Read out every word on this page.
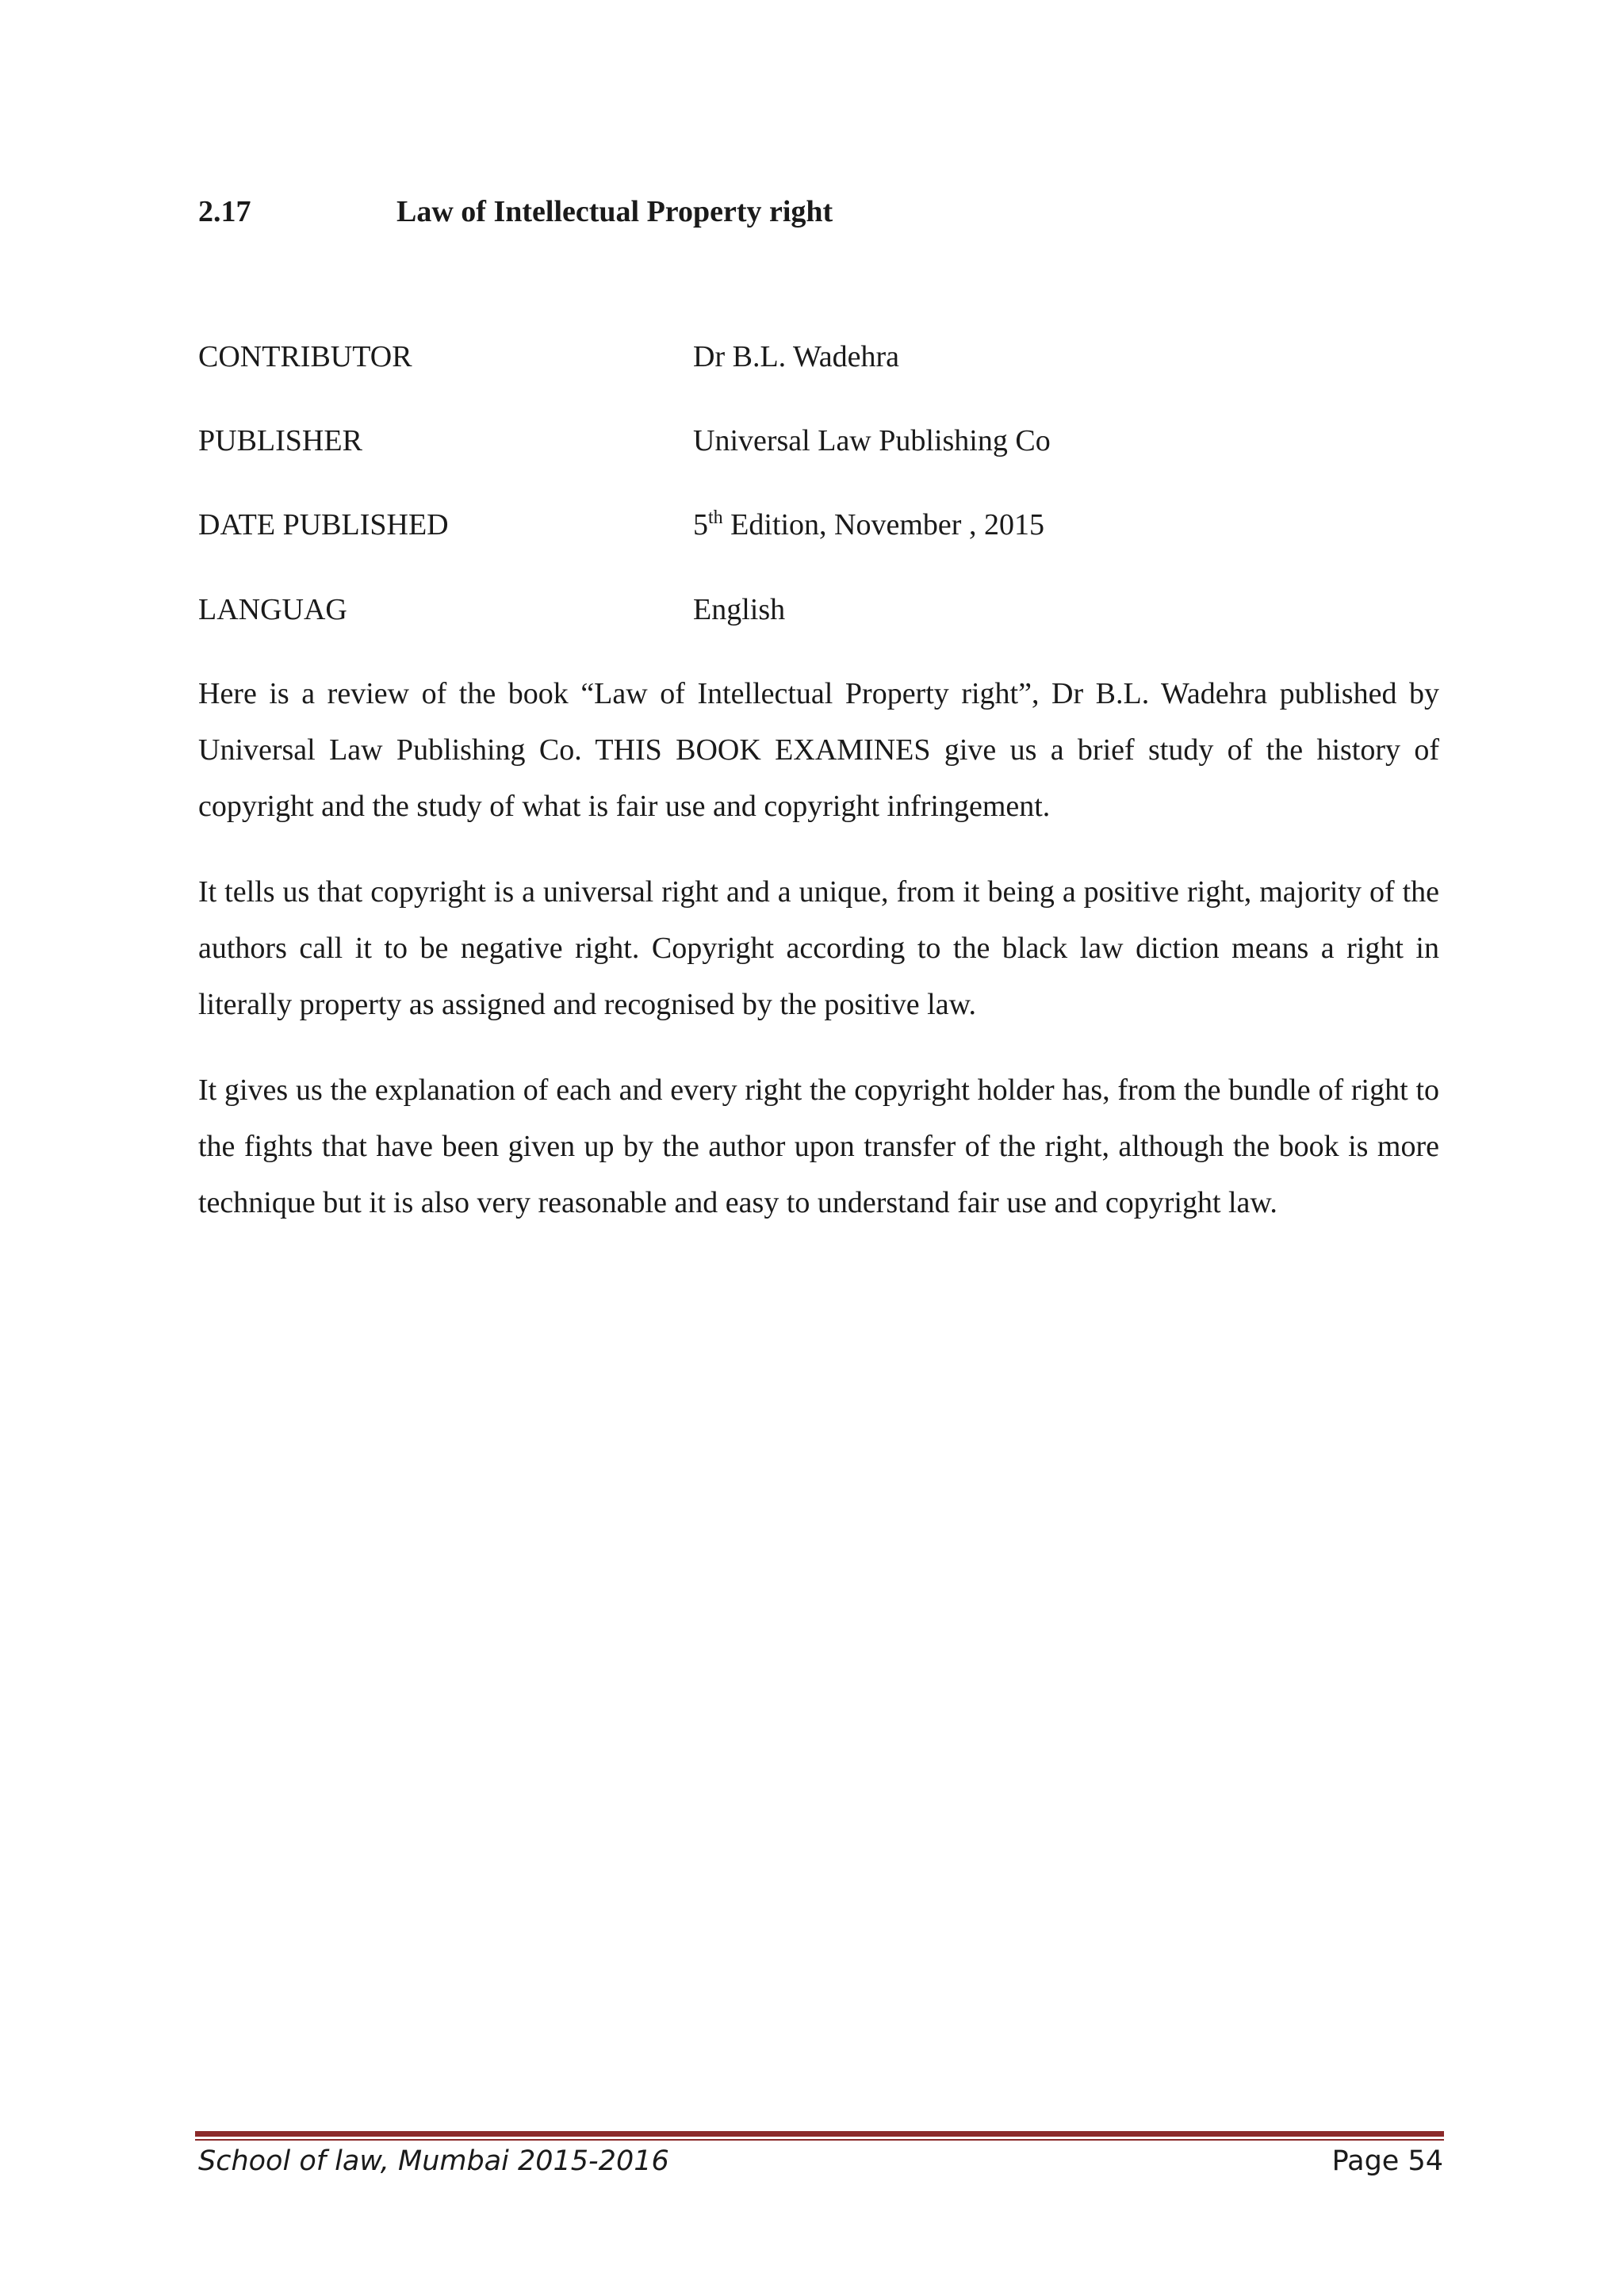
2.17	Law of Intellectual Property right
CONTRIBUTOR	Dr B.L. Wadehra
PUBLISHER	Universal Law Publishing Co
DATE PUBLISHED	5th Edition, November , 2015
LANGUAG	English

Here is a review of the book “Law of Intellectual Property right”, Dr B.L. Wadehra published by Universal Law Publishing Co. THIS BOOK EXAMINES give us a brief study of the history of copyright and the study of what is fair use and copyright infringement.

It tells us that copyright is a universal right and a unique, from it being a positive right, majority of the authors call it to be negative right. Copyright according to the black law diction means a right in literally property as assigned and recognised by the positive law.

It gives us the explanation of each and every right the copyright holder has, from the bundle of right to the fights that have been given up by the author upon transfer of the right, although the book is more technique but it is also very reasonable and easy to understand fair use and copyright law.

School of law, Mumbai 2015-2016	Page 54
